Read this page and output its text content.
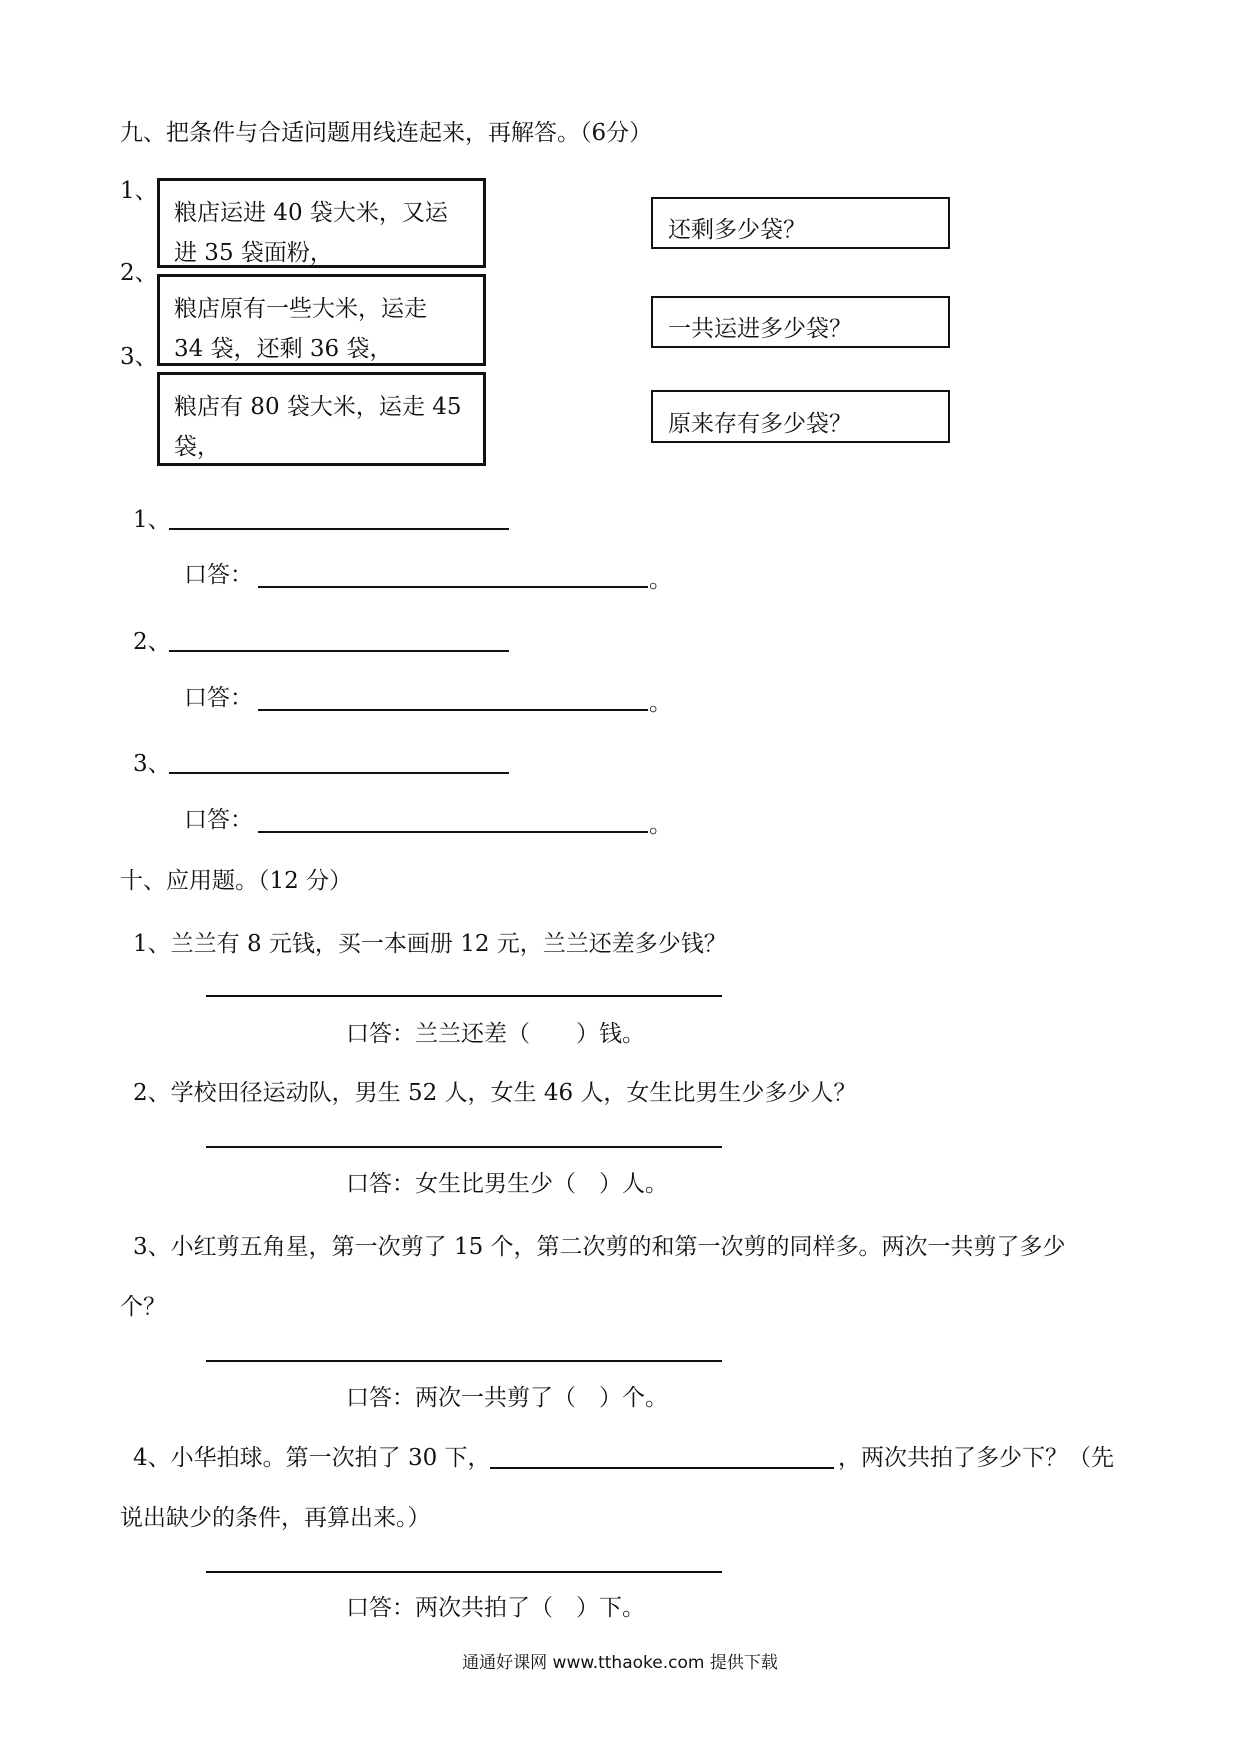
九、把条件与合适问题用线连起来，再解答。（6分）
1、
2、
3、
粮店运进 40 袋大米，又运
进 35 袋面粉，
粮店原有一些大米，运走
34 袋，还剩 36 袋，
粮店有 80 袋大米，运走 45
袋，
还剩多少袋？
一共运进多少袋？
原来存有多少袋？
1、
口答：	。
2、
口答：	。
3、
口答：	。
十、应用题。（12 分）
1、兰兰有 8 元钱，买一本画册 12 元，兰兰还差多少钱？
口答：兰兰还差（　　）钱。
2、学校田径运动队，男生 52 人，女生 46 人，女生比男生少多少人？
口答：女生比男生少（　）人。
3、小红剪五角星，第一次剪了 15 个，第二次剪的和第一次剪的同样多。两次一共剪了多少
个？
口答：两次一共剪了（　）个。
4、小华拍球。第一次拍了 30 下，	，两次共拍了多少下？（先
说出缺少的条件，再算出来。）
口答：两次共拍了（　）下。
通通好课网 www.tthaoke.com 提供下载
